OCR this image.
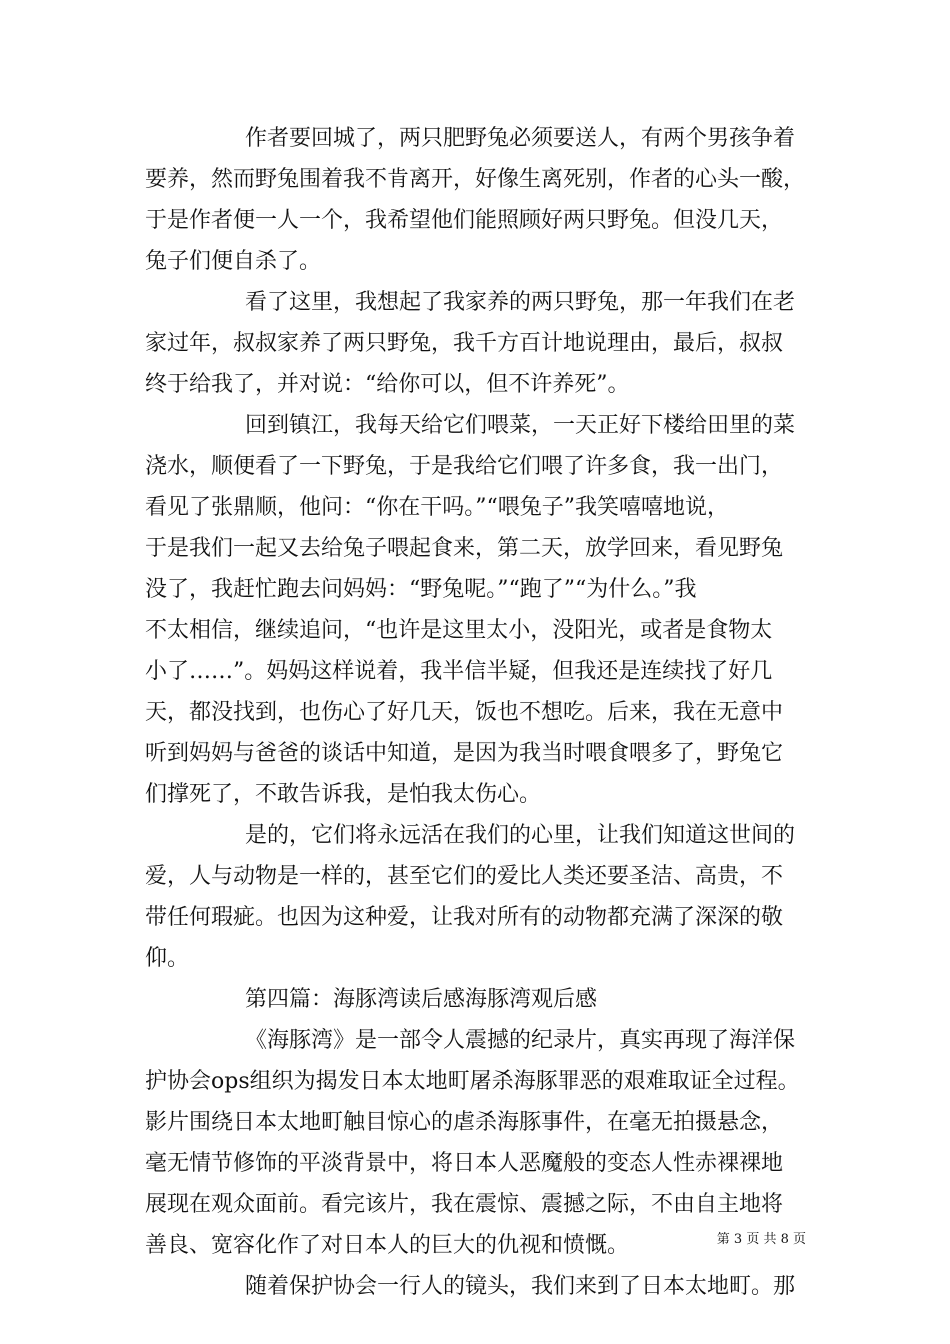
作者要回城了，两只肥野兔必须要送人，有两个男孩争着
要养，然而野兔围着我不肯离开，好像生离死别，作者的心头一酸，
于是作者便一人一个，我希望他们能照顾好两只野兔。但没几天，
兔子们便自杀了。
看了这里，我想起了我家养的两只野兔，那一年我们在老
家过年，叔叔家养了两只野兔，我千方百计地说理由，最后，叔叔
终于给我了，并对说：“给你可以，但不许养死”。
回到镇江，我每天给它们喂菜，一天正好下楼给田里的菜
浇水，顺便看了一下野兔，于是我给它们喂了许多食，我一出门，
看见了张鼎顺，他问：“你在干吗。”“喂兔子”我笑嘻嘻地说，
于是我们一起又去给兔子喂起食来，第二天，放学回来，看见野兔
没了，我赶忙跑去问妈妈：“野兔呢。”“跑了”“为什么。”我
不太相信，继续追问，“也许是这里太小，没阳光，或者是食物太
小了……”。妈妈这样说着，我半信半疑，但我还是连续找了好几
天，都没找到，也伤心了好几天，饭也不想吃。后来，我在无意中
听到妈妈与爸爸的谈话中知道，是因为我当时喂食喂多了，野兔它
们撑死了，不敢告诉我，是怕我太伤心。
是的，它们将永远活在我们的心里，让我们知道这世间的
爱，人与动物是一样的，甚至它们的爱比人类还要圣洁、高贵，不
带任何瑕疵。也因为这种爱，让我对所有的动物都充满了深深的敬
仰。
第四篇：海豚湾读后感海豚湾观后感
《海豚湾》是一部令人震撼的纪录片，真实再现了海洋保
护协会ops组织为揭发日本太地町屠杀海豚罪恶的艰难取证全过程。
影片围绕日本太地町触目惊心的虐杀海豚事件，在毫无拍摄悬念，
毫无情节修饰的平淡背景中，将日本人恶魔般的变态人性赤裸裸地
展现在观众面前。看完该片，我在震惊、震撼之际，不由自主地将
善良、宽容化作了对日本人的巨大的仇视和愤慨。
随着保护协会一行人的镜头，我们来到了日本太地町。那
第 3 页 共 8 页
